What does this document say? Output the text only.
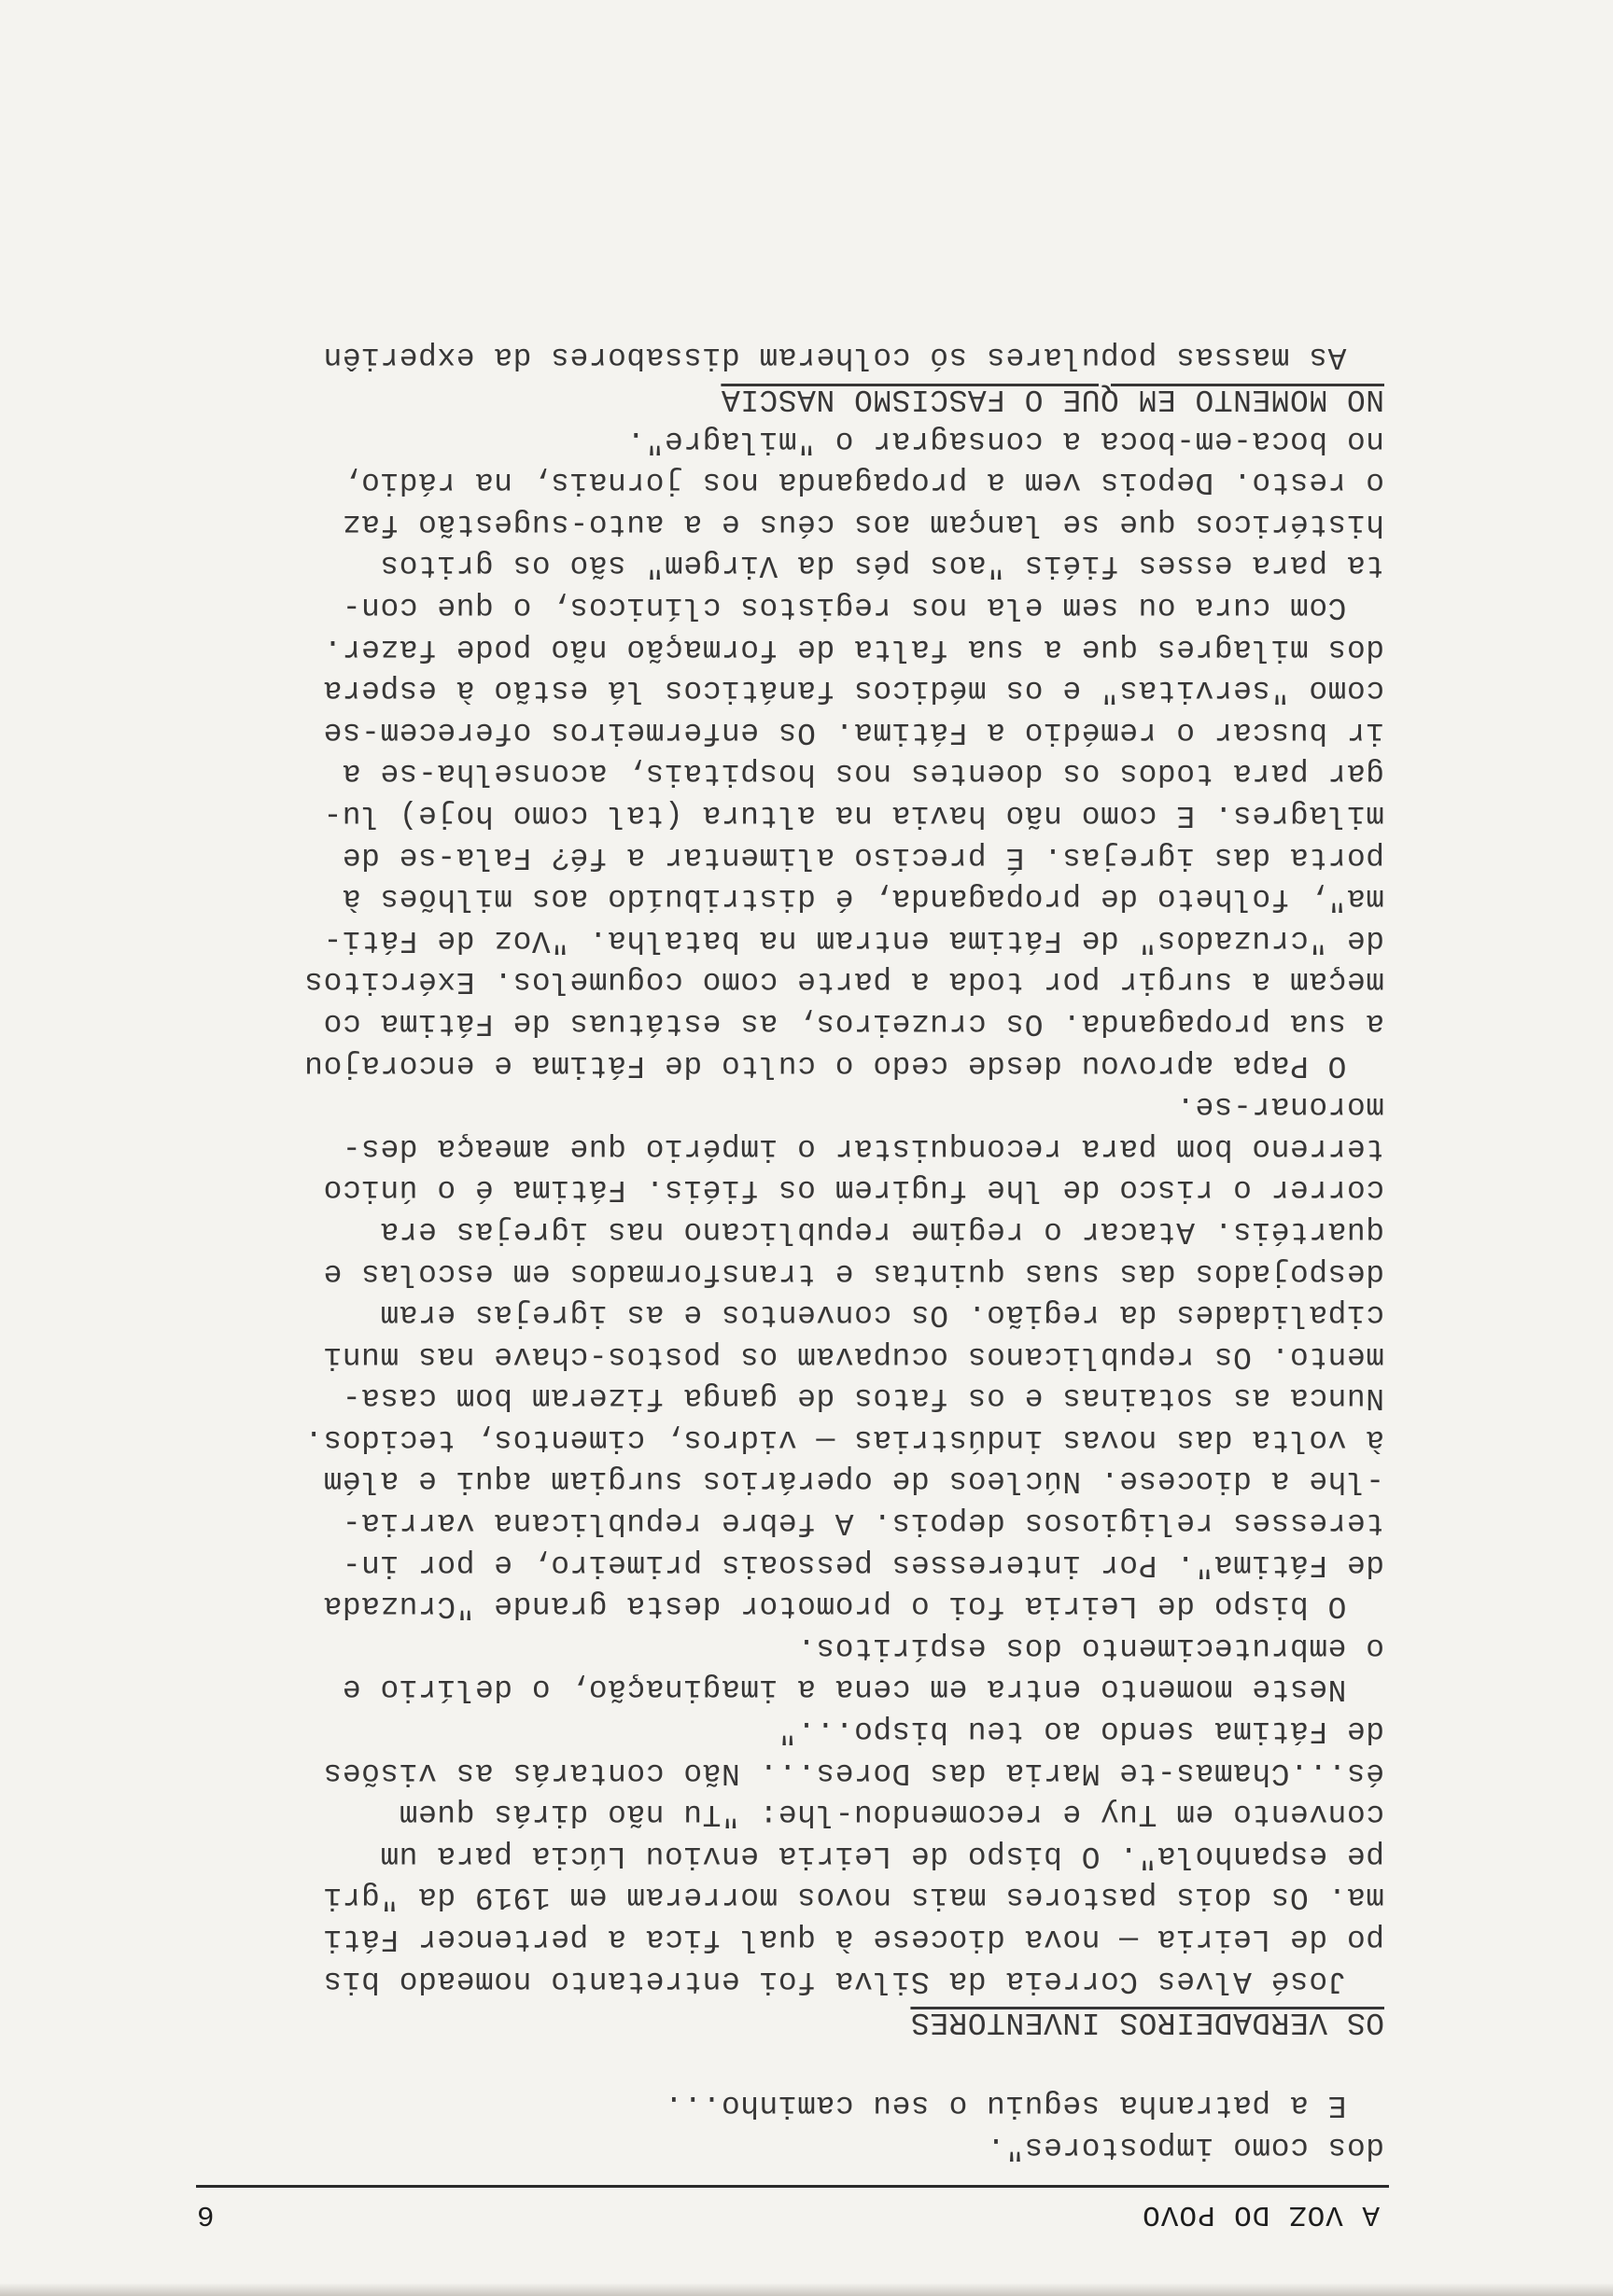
A VOZ DO POVO
6
dos como impostores".
E a patranha seguiu o seu caminho...
OS VERDADEIROS INVENTORES
José Alves Correia da Silva foi entretanto nomeado bis
po de Leiria — nova diocese à qual fica a pertencer Fáti
ma. Os dois pastores mais novos morreram em 1919 da "gri
pe espanhola". O bispo de Leiria enviou Lúcia para um
convento em Tuy e recomendou-lhe: "Tu não dirás quem
és...Chamas-te Maria das Dores... Não contarás as visões
de Fátima sendo ao teu bispo..."
Neste momento entra em cena a imaginação, o delírio e
o embrutecimento dos espíritos.
O bispo de Leiria foi o promotor desta grande "Cruzada
de Fátima". Por interesses pessoais primeiro, e por in-
teresses religiosos depois. A febre republicana varria-
-lhe a diocese. Núcleos de operários surgiam aqui e além
à volta das novas indústrias — vidros, cimentos, tecidos.
Nunca as sotainas e os fatos de ganga fizeram bom casa-
mento. Os republicanos ocupavam os postos-chave nas muni
cipalidades da região. Os conventos e as igrejas eram
despojados das suas quintas e transformados em escolas e
quartéis. Atacar o regime republicano nas igrejas era
correr o risco de lhe fugirem os fiéis. Fátima é o único
terreno bom para reconquistar o império que ameaça des-
moronar-se.
O Papa aprovou desde cedo o culto de Fátima e encorajou
a sua propaganda. Os cruzeiros, as estátuas de Fátima co
meçam a surgir por toda a parte como cogumelos. Exércitos
de "cruzados" de Fátima entram na batalha. "Voz de Fáti-
ma", folheto de propaganda, é distribuído aos milhões à
porta das igrejas. É preciso alimentar a fé? Fala-se de
milagres. E como não havia na altura (tal como hoje) lu-
gar para todos os doentes nos hospitais, aconselha-se a
ir buscar o remédio a Fátima. Os enfermeiros oferecem-se
como "servitas" e os médicos fanáticos lá estão à espera
dos milagres que a sua falta de formação não pode fazer.
Com cura ou sem ela nos registos clínicos, o que con-
ta para esses fiéis "aos pés da Virgem" são os gritos
histéricos que se lançam aos céus e a auto-sugestão faz
o resto. Depois vem a propaganda nos jornais, na rádio,
no boca-em-boca a consagrar o "milagre".
NO MOMENTO EM QUE O FASCISMO NASCIA
As massas populares só colheram dissabores da experiên
